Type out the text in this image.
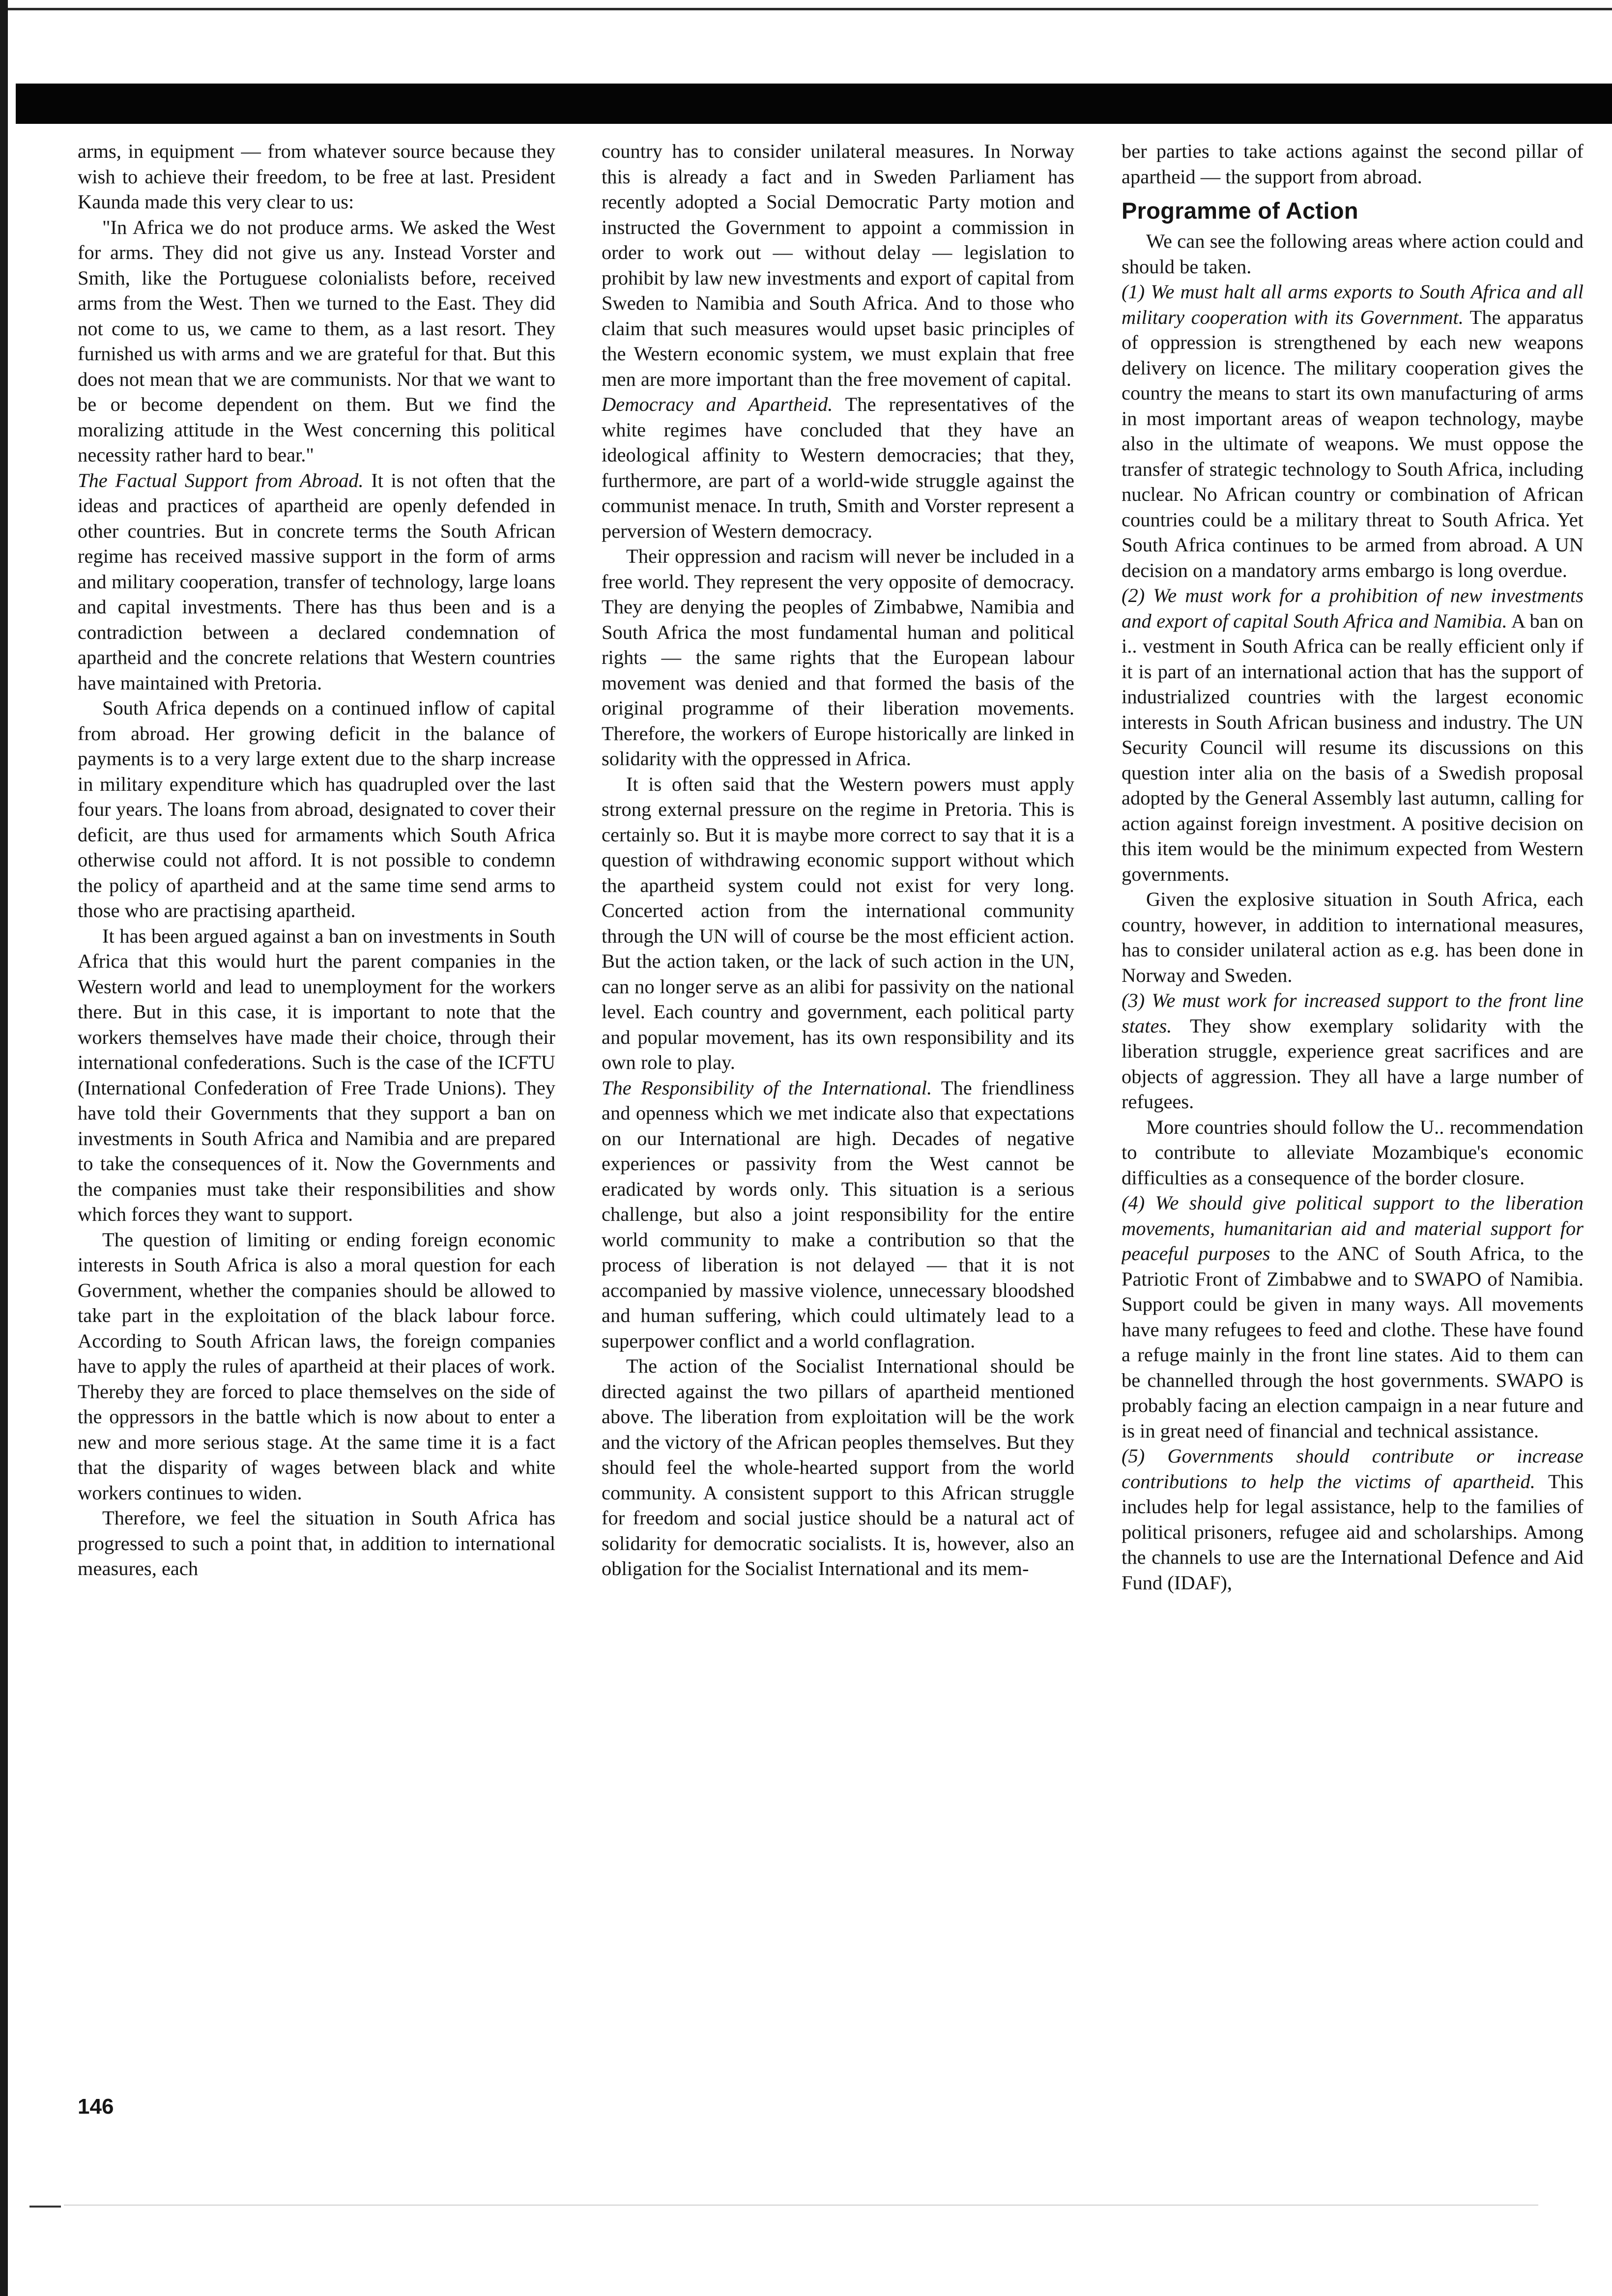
arms, in equipment — from whatever source because they wish to achieve their freedom, to be free at last. President Kaunda made this very clear to us:

"In Africa we do not produce arms. We asked the West for arms. They did not give us any. Instead Vorster and Smith, like the Portuguese colonialists before, received arms from the West. Then we turned to the East. They did not come to us, we came to them, as a last resort. They furnished us with arms and we are grateful for that. But this does not mean that we are communists. Nor that we want to be or become dependent on them. But we find the moralizing attitude in the West concerning this political necessity rather hard to bear."

The Factual Support from Abroad. It is not often that the ideas and practices of apartheid are openly defended in other countries. But in concrete terms the South African regime has received massive support in the form of arms and military cooperation, transfer of technology, large loans and capital investments. There has thus been and is a contradiction between a declared condemnation of apartheid and the concrete relations that Western countries have maintained with Pretoria.

South Africa depends on a continued inflow of capital from abroad. Her growing deficit in the balance of payments is to a very large extent due to the sharp increase in military expenditure which has quadrupled over the last four years. The loans from abroad, designated to cover their deficit, are thus used for armaments which South Africa otherwise could not afford. It is not possible to condemn the policy of apartheid and at the same time send arms to those who are practising apartheid.

It has been argued against a ban on investments in South Africa that this would hurt the parent companies in the Western world and lead to unemployment for the workers there. But in this case, it is important to note that the workers themselves have made their choice, through their international confederations. Such is the case of the ICFTU (International Confederation of Free Trade Unions). They have told their Governments that they support a ban on investments in South Africa and Namibia and are prepared to take the consequences of it. Now the Governments and the companies must take their responsibilities and show which forces they want to support.

The question of limiting or ending foreign economic interests in South Africa is also a moral question for each Government, whether the companies should be allowed to take part in the exploitation of the black labour force. According to South African laws, the foreign companies have to apply the rules of apartheid at their places of work. Thereby they are forced to place themselves on the side of the oppressors in the battle which is now about to enter a new and more serious stage. At the same time it is a fact that the disparity of wages between black and white workers continues to widen.

Therefore, we feel the situation in South Africa has progressed to such a point that, in addition to international measures, each

country has to consider unilateral measures. In Norway this is already a fact and in Sweden Parliament has recently adopted a Social Democratic Party motion and instructed the Government to appoint a commission in order to work out — without delay — legislation to prohibit by law new investments and export of capital from Sweden to Namibia and South Africa. And to those who claim that such measures would upset basic principles of the Western economic system, we must explain that free men are more important than the free movement of capital.

Democracy and Apartheid. The representatives of the white regimes have concluded that they have an ideological affinity to Western democracies; that they, furthermore, are part of a world-wide struggle against the communist menace. In truth, Smith and Vorster represent a perversion of Western democracy.

Their oppression and racism will never be included in a free world. They represent the very opposite of democracy. They are denying the peoples of Zimbabwe, Namibia and South Africa the most fundamental human and political rights — the same rights that the European labour movement was denied and that formed the basis of the original programme of their liberation movements. Therefore, the workers of Europe historically are linked in solidarity with the oppressed in Africa.

It is often said that the Western powers must apply strong external pressure on the regime in Pretoria. This is certainly so. But it is maybe more correct to say that it is a question of withdrawing economic support without which the apartheid system could not exist for very long. Concerted action from the international community through the UN will of course be the most efficient action. But the action taken, or the lack of such action in the UN, can no longer serve as an alibi for passivity on the national level. Each country and government, each political party and popular movement, has its own responsibility and its own role to play.

The Responsibility of the International. The friendliness and openness which we met indicate also that expectations on our International are high. Decades of negative experiences or passivity from the West cannot be eradicated by words only. This situation is a serious challenge, but also a joint responsibility for the entire world community to make a contribution so that the process of liberation is not delayed — that it is not accompanied by massive violence, unnecessary bloodshed and human suffering, which could ultimately lead to a superpower conflict and a world conflagration.

The action of the Socialist International should be directed against the two pillars of apartheid mentioned above. The liberation from exploitation will be the work and the victory of the African peoples themselves. But they should feel the whole-hearted support from the world community. A consistent support to this African struggle for freedom and social justice should be a natural act of solidarity for democratic socialists. It is, however, also an obligation for the Socialist International and its mem-

ber parties to take actions against the second pillar of apartheid — the support from abroad.

Programme of Action

We can see the following areas where action could and should be taken.

(1) We must halt all arms exports to South Africa and all military cooperation with its Government. The apparatus of oppression is strengthened by each new weapons delivery on licence. The military cooperation gives the country the means to start its own manufacturing of arms in most important areas of weapon technology, maybe also in the ultimate of weapons. We must oppose the transfer of strategic technology to South Africa, including nuclear. No African country or combination of African countries could be a military threat to South Africa. Yet South Africa continues to be armed from abroad. A UN decision on a mandatory arms embargo is long overdue.

(2) We must work for a prohibition of new investments and export of capital South Africa and Namibia. A ban on i.. vestment in South Africa can be really efficient only if it is part of an international action that has the support of industrialized countries with the largest economic interests in South African business and industry. The UN Security Council will resume its discussions on this question inter alia on the basis of a Swedish proposal adopted by the General Assembly last autumn, calling for action against foreign investment. A positive decision on this item would be the minimum expected from Western governments.

Given the explosive situation in South Africa, each country, however, in addition to international measures, has to consider unilateral action as e.g. has been done in Norway and Sweden.

(3) We must work for increased support to the front line states. They show exemplary solidarity with the liberation struggle, experience great sacrifices and are objects of aggression. They all have a large number of refugees.

More countries should follow the U.. recommendation to contribute to alleviate Mozambique's economic difficulties as a consequence of the border closure.

(4) We should give political support to the liberation movements, humanitarian aid and material support for peaceful purposes to the ANC of South Africa, to the Patriotic Front of Zimbabwe and to SWAPO of Namibia. Support could be given in many ways. All movements have many refugees to feed and clothe. These have found a refuge mainly in the front line states. Aid to them can be channelled through the host governments. SWAPO is probably facing an election campaign in a near future and is in great need of financial and technical assistance.

(5) Governments should contribute or increase contributions to help the victims of apartheid. This includes help for legal assistance, help to the families of political prisoners, refugee aid and scholarships. Among the channels to use are the International Defence and Aid Fund (IDAF),

146
